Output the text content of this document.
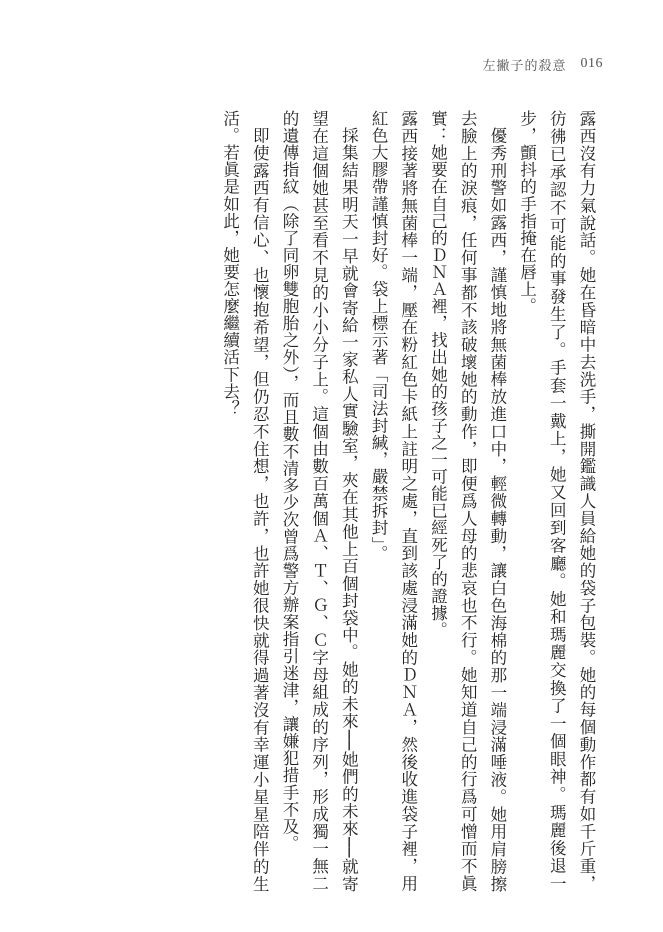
左撇子的殺意 016

露西沒有力氣說話。她在昏暗中去洗手，撕開鑑識人員給她的袋子包裝。她的每個動作都有如千斤重，彷彿已承認不可能的事發生了。手套一戴上，她又回到客廳。她和瑪麗交換了一個眼神。瑪麗後退一步，顫抖的手指掩在唇上。

優秀刑警如露西，謹慎地將無菌棒放進口中，輕微轉動，讓白色海棉的那一端浸滿唾液。她用肩膀擦去臉上的淚痕，任何事都不該破壞她的動作，即便爲人母的悲哀也不行。她知道自己的行爲可憎而不眞實：她要在自己的ＤＮＡ裡，找出她的孩子之一可能已經死了的證據。

露西接著將無菌棒一端，壓在粉紅色卡紙上註明之處，直到該處浸滿她的ＤＮＡ，然後收進袋子裡，用紅色大膠帶謹慎封好。袋上標示著「司法封緘，嚴禁拆封」。

採集結果明天一早就會寄給一家私人實驗室，夾在其他上百個封袋中。她的未來──她們的未來──就寄望在這個她甚至看不見的小小分子上。這個由數百萬個Ａ、Ｔ、Ｇ、Ｃ字母組成的序列，形成獨一無二的遺傳指紋（除了同卵雙胞胎之外），而且數不清多少次曾爲警方辦案指引迷津，讓嫌犯措手不及。

即使露西有信心、也懷抱希望，但仍忍不住想，也許，也許她很快就得過著沒有幸運小星星陪伴的生活。若眞是如此，她要怎麼繼續活下去？
